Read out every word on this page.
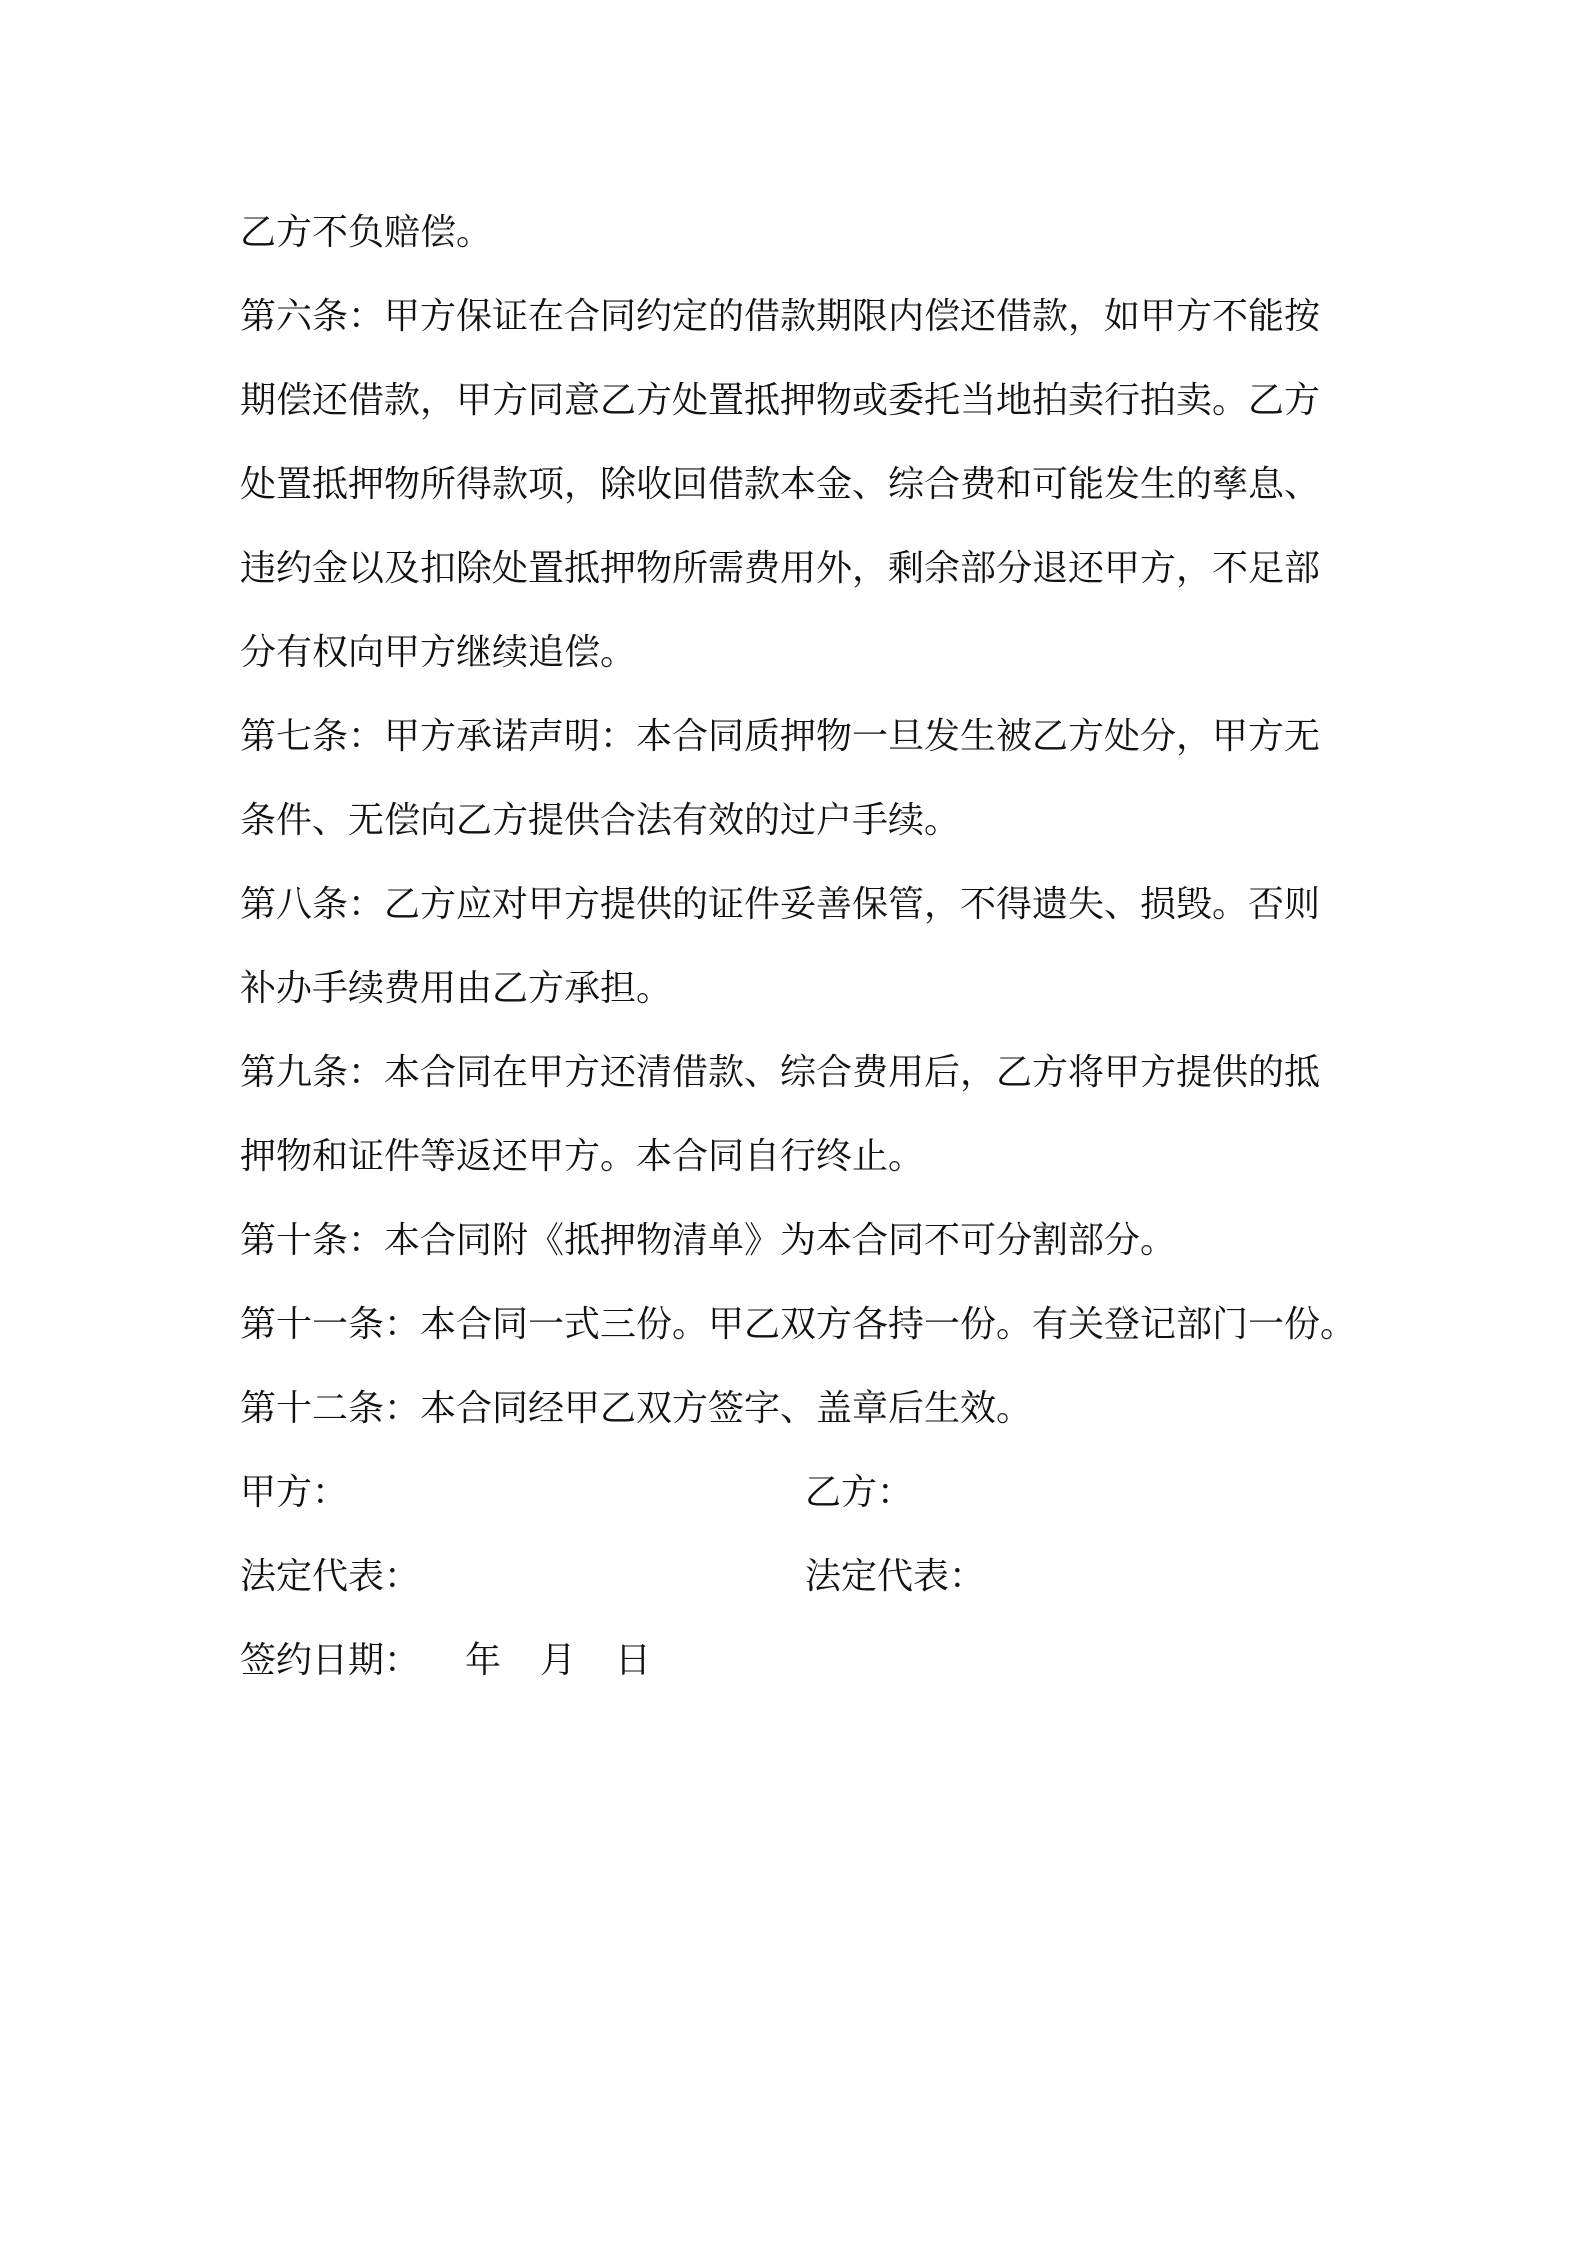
乙方不负赔偿。
第六条：甲方保证在合同约定的借款期限内偿还借款，如甲方不能按
期偿还借款，甲方同意乙方处置抵押物或委托当地拍卖行拍卖。乙方
处置抵押物所得款项，除收回借款本金、综合费和可能发生的孳息、
违约金以及扣除处置抵押物所需费用外，剩余部分退还甲方，不足部
分有权向甲方继续追偿。
第七条：甲方承诺声明：本合同质押物一旦发生被乙方处分，甲方无
条件、无偿向乙方提供合法有效的过户手续。
第八条：乙方应对甲方提供的证件妥善保管，不得遗失、损毁。否则
补办手续费用由乙方承担。
第九条：本合同在甲方还清借款、综合费用后，乙方将甲方提供的抵
押物和证件等返还甲方。本合同自行终止。
第十条：本合同附《抵押物清单》为本合同不可分割部分。
第十一条：本合同一式三份。甲乙双方各持一份。有关登记部门一份。
第十二条：本合同经甲乙双方签字、盖章后生效。
甲方：	乙方：
法定代表：	法定代表：
签约日期： 年 月 日
